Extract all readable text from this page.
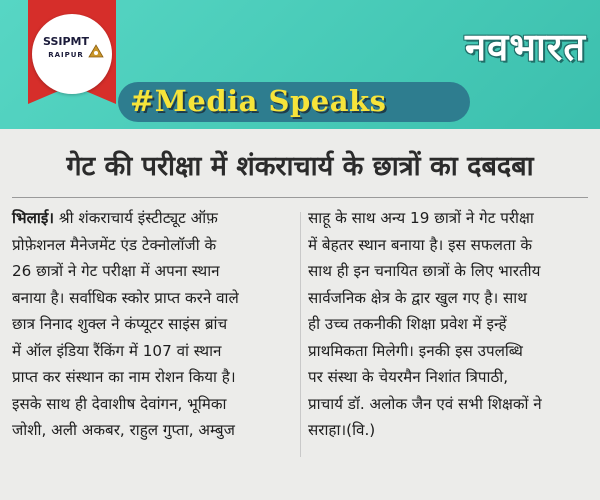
SSIPMT
RAIPUR	नवभारत
#Media Speaks
गेट की परीक्षा में शंकराचार्य के छात्रों का दबदबा
भिलाई। श्री शंकराचार्य इंस्टीट्यूट ऑफ़
प्रोफ़ेशनल मैनेजमेंट एंड टेक्नोलॉजी के
26 छात्रों ने गेट परीक्षा में अपना स्थान
बनाया है। सर्वाधिक स्कोर प्राप्त करने वाले
छात्र निनाद शुक्ल ने कंप्यूटर साइंस ब्रांच
में ऑल इंडिया रैंकिंग में 107 वां स्थान
प्राप्त कर संस्थान का नाम रोशन किया है।
इसके साथ ही देवाशीष देवांगन, भूमिका
जोशी, अली अकबर, राहुल गुप्ता, अम्बुज
साहू के साथ अन्य 19 छात्रों ने गेट परीक्षा
में बेहतर स्थान बनाया है। इस सफलता के
साथ ही इन चनायित छात्रों के लिए भारतीय
सार्वजनिक क्षेत्र के द्वार खुल गए है। साथ
ही उच्च तकनीकी शिक्षा प्रवेश में इन्हें
प्राथमिकता मिलेगी। इनकी इस उपलब्धि
पर संस्था के चेयरमैन निशांत त्रिपाठी,
प्राचार्य डॉ. अलोक जैन एवं सभी शिक्षकों ने
सराहा।(वि.)
